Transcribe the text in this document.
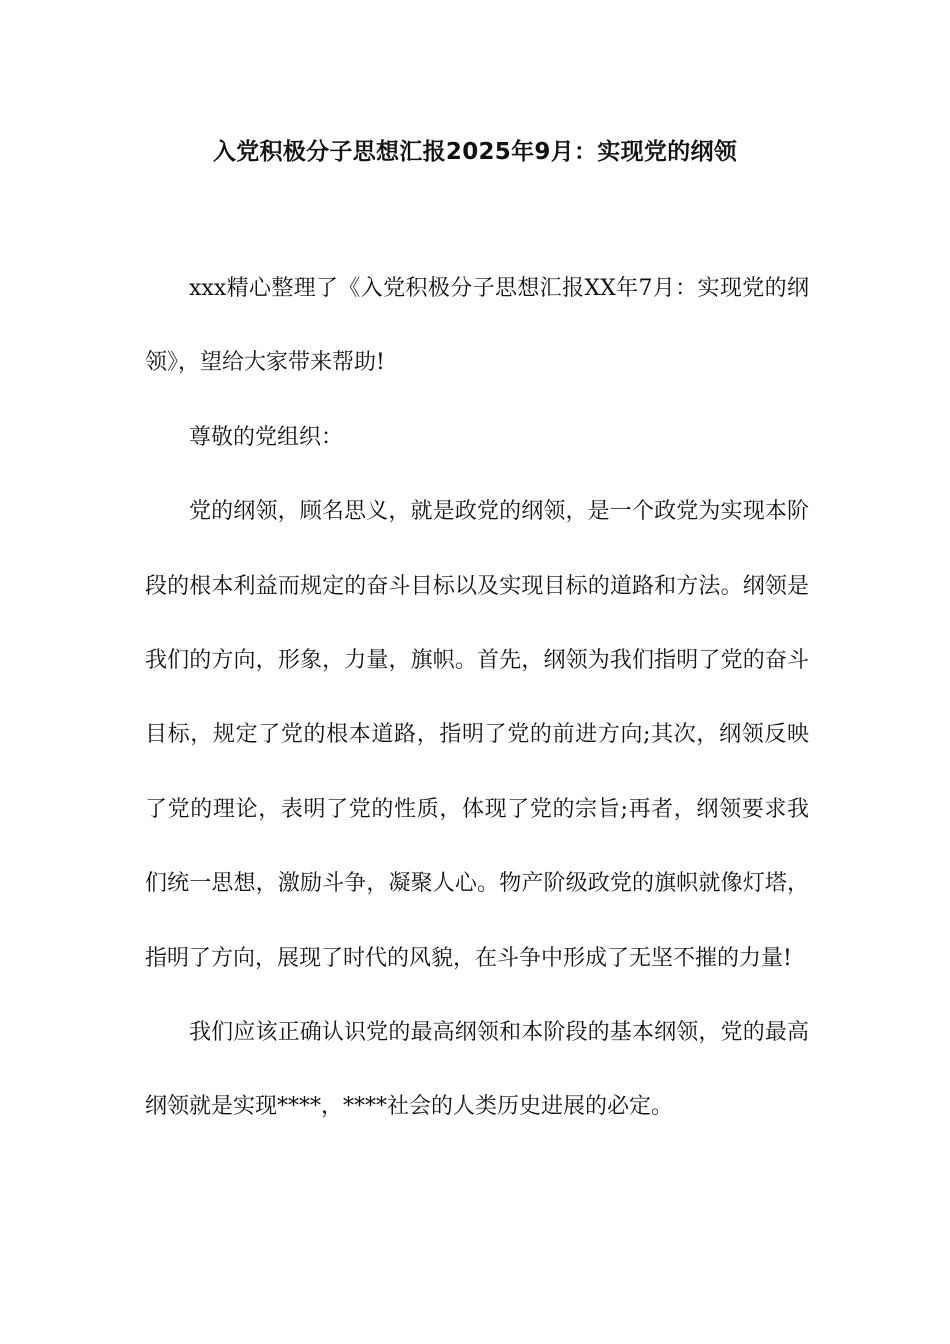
入党积极分子思想汇报2025年9月：实现党的纲领

xxx精心整理了《入党积极分子思想汇报XX年7月：实现党的纲领》，望给大家带来帮助!

尊敬的党组织：

党的纲领，顾名思义，就是政党的纲领，是一个政党为实现本阶段的根本利益而规定的奋斗目标以及实现目标的道路和方法。纲领是我们的方向，形象，力量，旗帜。首先，纲领为我们指明了党的奋斗目标，规定了党的根本道路，指明了党的前进方向;其次，纲领反映了党的理论，表明了党的性质，体现了党的宗旨;再者，纲领要求我们统一思想，激励斗争，凝聚人心。物产阶级政党的旗帜就像灯塔，指明了方向，展现了时代的风貌，在斗争中形成了无坚不摧的力量!

我们应该正确认识党的最高纲领和本阶段的基本纲领，党的最高纲领就是实现****，****社会的人类历史进展的必定。
